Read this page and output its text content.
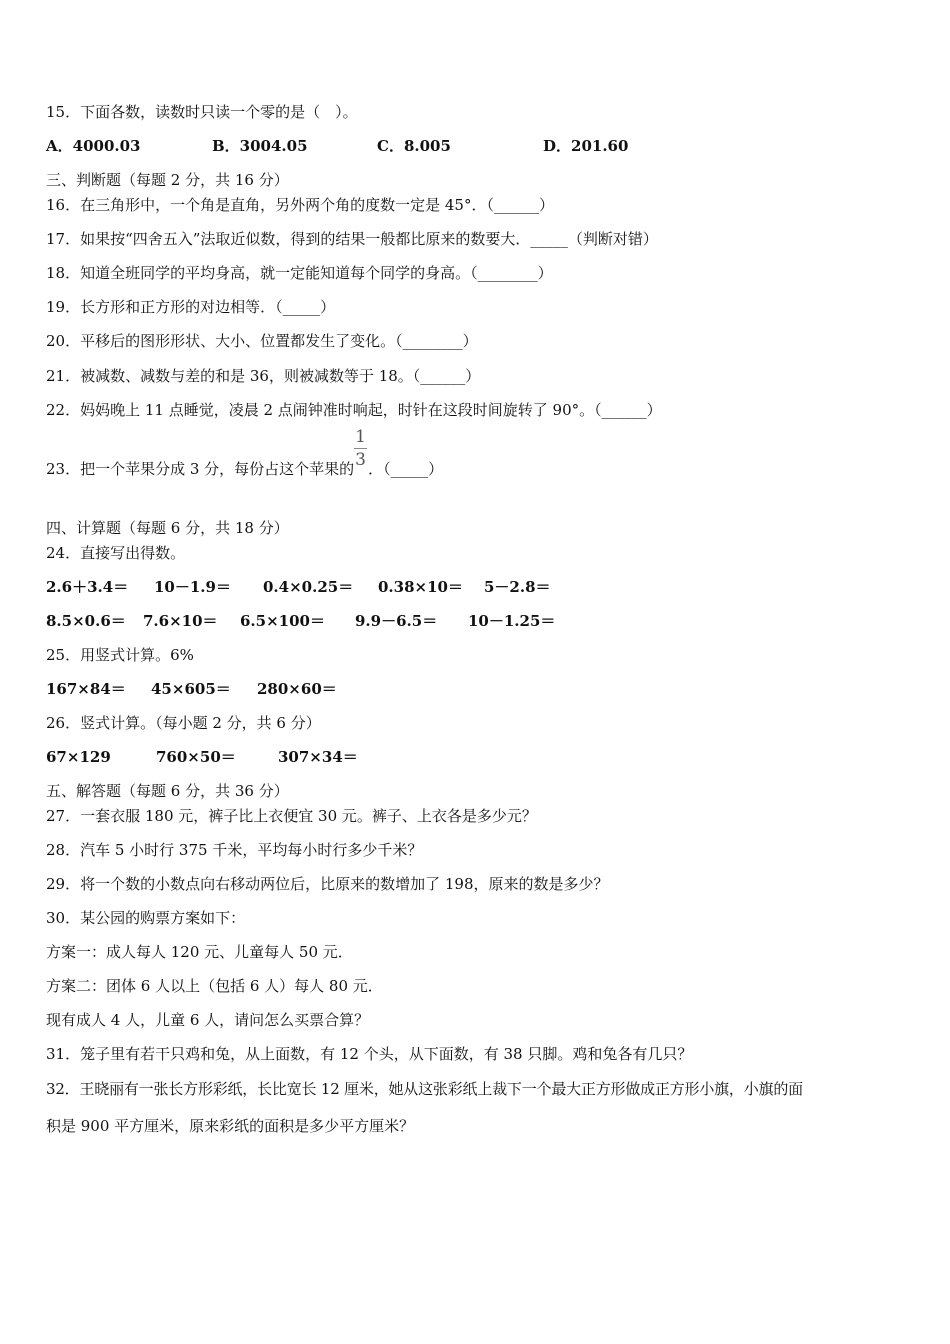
15．下面各数，读数时只读一个零的是（　）。
A．4000.03	B．3004.05	C．8.005	D．201.60
三、判断题（每题 2 分，共 16 分）
16．在三角形中，一个角是直角，另外两个角的度数一定是 45°．（______）
17．如果按“四舍五入”法取近似数，得到的结果一般都比原来的数要大．_____（判断对错）
18．知道全班同学的平均身高，就一定能知道每个同学的身高。（________）
19．长方形和正方形的对边相等．（_____）
20．平移后的图形形状、大小、位置都发生了变化。（________）
21．被减数、减数与差的和是 36，则被减数等于 18。（______）
22．妈妈晚上 11 点睡觉，凌晨 2 点闹钟准时响起，时针在这段时间旋转了 90°。（______）
23．把一个苹果分成 3 分，每份占这个苹果的 $\frac{1}{3}$ ．（_____）
四、计算题（每题 6 分，共 18 分）
24．直接写出得数。
2.6＋3.4＝ 10－1.9＝ 0.4×0.25＝ 0.38×10＝ 5－2.8＝
8.5×0.6＝ 7.6×10＝ 6.5×100＝ 9.9－6.5＝ 10－1.25＝
25．用竖式计算。6%
167×84＝ 45×605＝ 280×60＝
26．竖式计算。（每小题 2 分，共 6 分）
67×129	760×50＝	307×34＝
五、解答题（每题 6 分，共 36 分）
27．一套衣服 180 元，裤子比上衣便宜 30 元。裤子、上衣各是多少元？
28．汽车 5 小时行 375 千米，平均每小时行多少千米？
29．将一个数的小数点向右移动两位后，比原来的数增加了 198，原来的数是多少？
30．某公园的购票方案如下：
方案一：成人每人 120 元、儿童每人 50 元．
方案二：团体 6 人以上（包括 6 人）每人 80 元．
现有成人 4 人，儿童 6 人，请问怎么买票合算？
31．笼子里有若干只鸡和兔，从上面数，有 12 个头，从下面数，有 38 只脚。鸡和兔各有几只？
32．王晓丽有一张长方形彩纸，长比宽长 12 厘米，她从这张彩纸上裁下一个最大正方形做成正方形小旗，小旗的面
积是 900 平方厘米，原来彩纸的面积是多少平方厘米？
